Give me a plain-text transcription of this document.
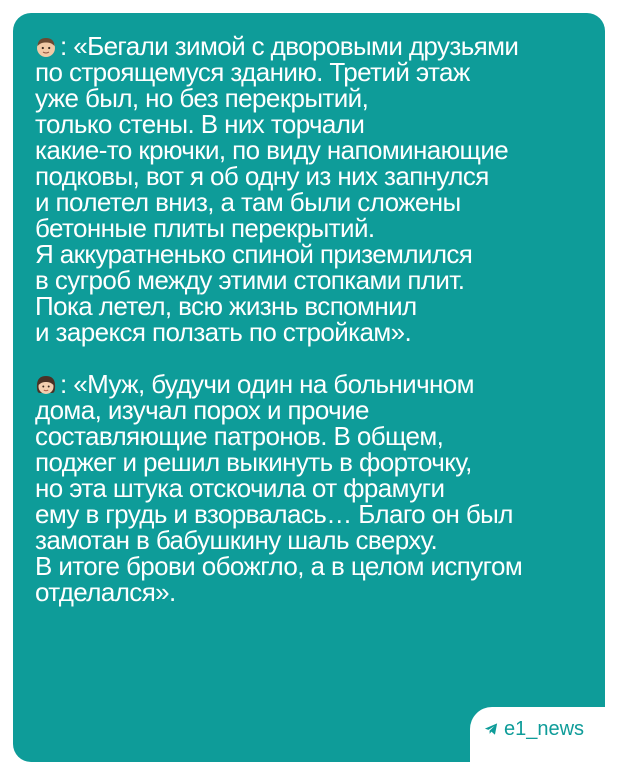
: «Бегали зимой с дворовыми друзьями
по строящемуся зданию. Третий этаж
уже был, но без перекрытий,
только стены. В них торчали
какие-то крючки, по виду напоминающие
подковы, вот я об одну из них запнулся
и полетел вниз, а там были сложены
бетонные плиты перекрытий.
Я аккуратненько спиной приземлился
в сугроб между этими стопками плит.
Пока летел, всю жизнь вспомнил
и зарекся ползать по стройкам».

: «Муж, будучи один на больничном
дома, изучал порох и прочие
составляющие патронов. В общем,
поджег и решил выкинуть в форточку,
но эта штука отскочила от фрамуги
ему в грудь и взорвалась… Благо он был
замотан в бабушкину шаль сверху.
В итоге брови обожгло, а в целом испугом
отделался».

e1_news
